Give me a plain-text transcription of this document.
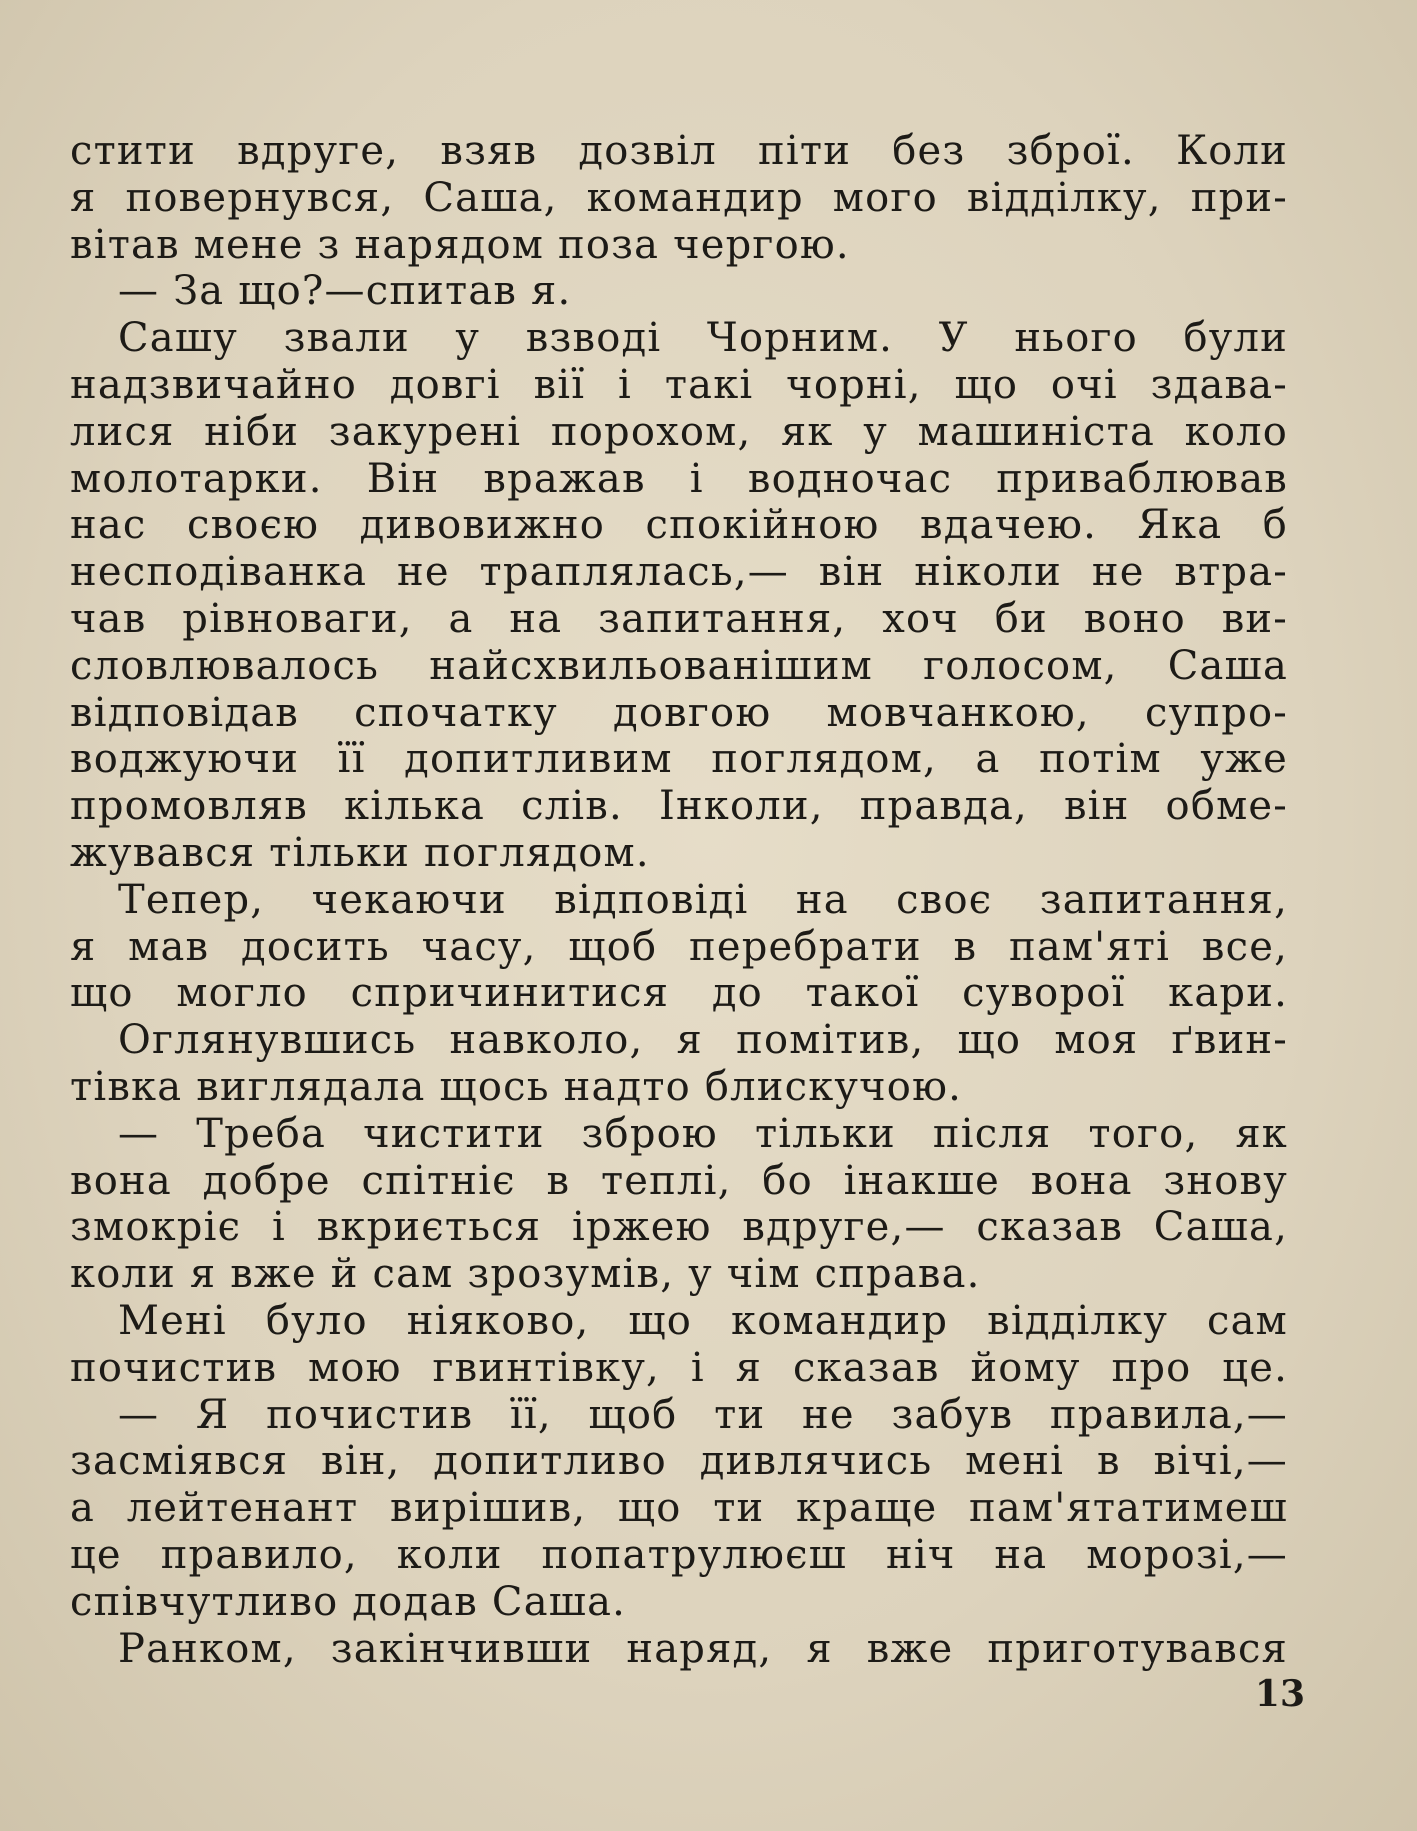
стити вдруге, взяв дозвіл піти без зброї. Коли
я повернувся, Саша, командир мого відділку, при-
вітав мене з нарядом поза чергою.
— За що?—спитав я.
Сашу звали у взводі Чорним. У нього були
надзвичайно довгі вії і такі чорні, що очі здава-
лися ніби закурені порохом, як у машиніста коло
молотарки. Він вражав і водночас приваблював
нас своєю дивовижно спокійною вдачею. Яка б
несподіванка не траплялась,— він ніколи не втра-
чав рівноваги, а на запитання, хоч би воно ви-
словлювалось найсхвильованішим голосом, Саша
відповідав спочатку довгою мовчанкою, супро-
воджуючи її допитливим поглядом, а потім уже
промовляв кілька слів. Інколи, правда, він обме-
жувався тільки поглядом.
Тепер, чекаючи відповіді на своє запитання,
я мав досить часу, щоб перебрати в пам'яті все,
що могло спричинитися до такої суворої кари.
Оглянувшись навколо, я помітив, що моя ґвин-
тівка виглядала щось надто блискучою.
— Треба чистити зброю тільки після того, як
вона добре спітніє в теплі, бо інакше вона знову
змокріє і вкриється іржею вдруге,— сказав Саша,
коли я вже й сам зрозумів, у чім справа.
Мені було ніяково, що командир відділку сам
почистив мою гвинтівку, і я сказав йому про це.
— Я почистив її, щоб ти не забув правила,—
засміявся він, допитливо дивлячись мені в вічі,—
а лейтенант вирішив, що ти краще пам'ятатимеш
це правило, коли попатрулюєш ніч на морозі,—
співчутливо додав Саша.
Ранком, закінчивши наряд, я вже приготувався
13
